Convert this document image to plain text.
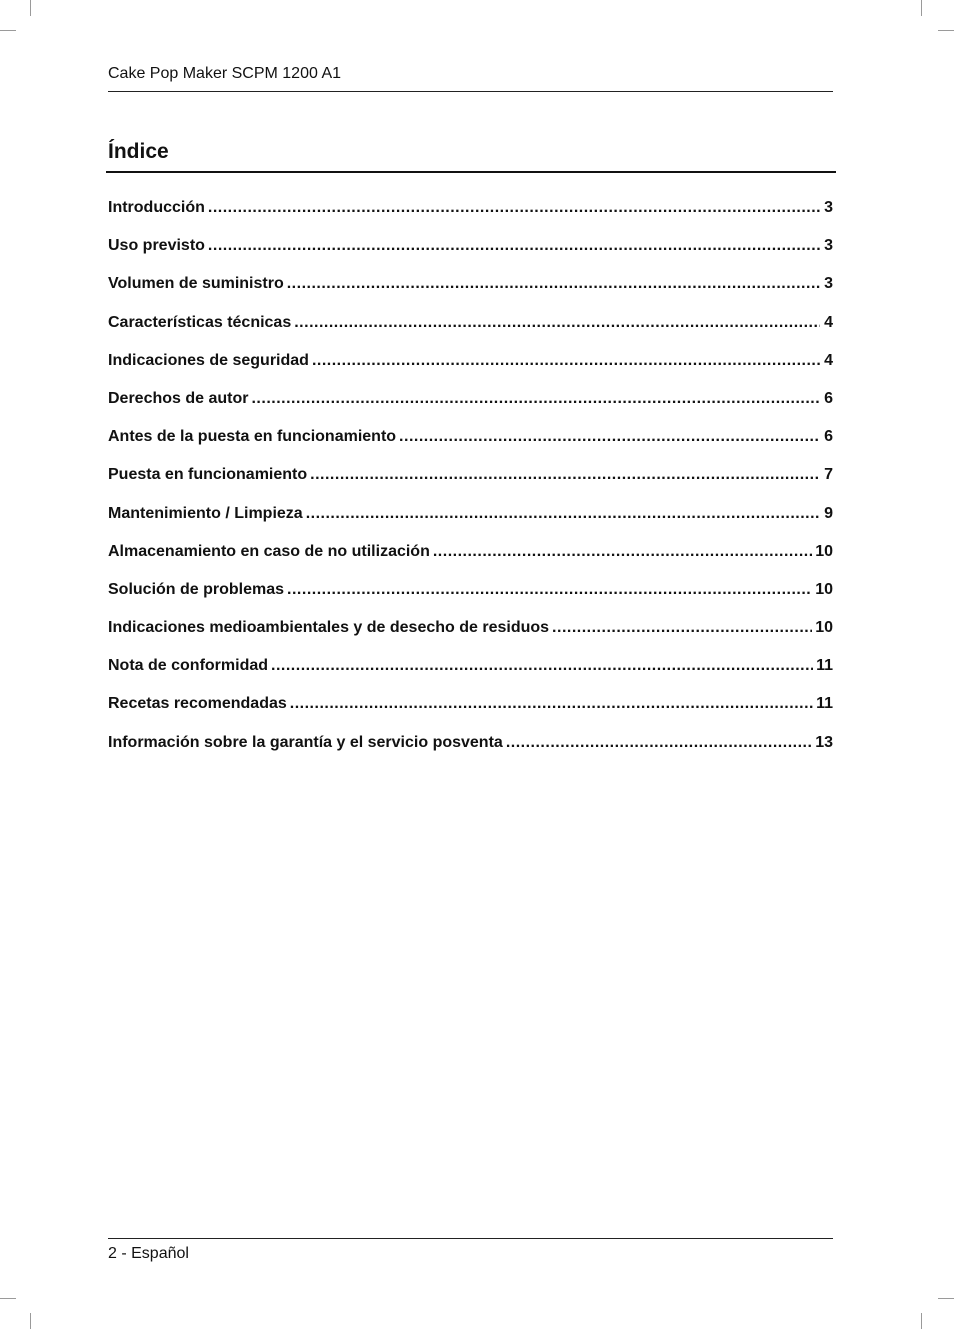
Cake Pop Maker SCPM 1200 A1
Índice
Introducción .....	3
Uso previsto .....	3
Volumen de suministro .....	3
Características técnicas .....	4
Indicaciones de seguridad .....	4
Derechos de autor .....	6
Antes de la puesta en funcionamiento .....	6
Puesta en funcionamiento .....	7
Mantenimiento / Limpieza .....	9
Almacenamiento en caso de no utilización .....	10
Solución de problemas .....	10
Indicaciones medioambientales y de desecho de residuos .....	10
Nota de conformidad .....	11
Recetas recomendadas .....	11
Información sobre la garantía y el servicio posventa .....	13
2 - Español
